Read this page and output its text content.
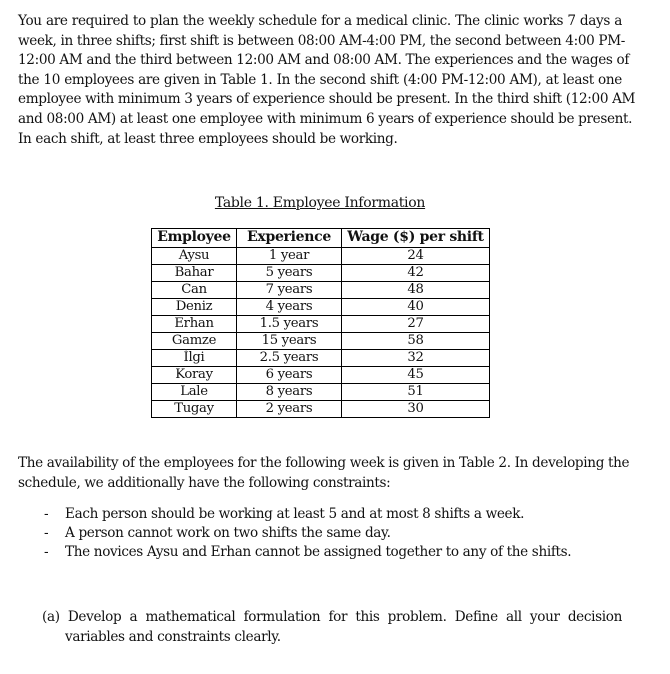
You are required to plan the weekly schedule for a medical clinic. The clinic works 7 days a
week, in three shifts; first shift is between 08:00 AM-4:00 PM, the second between 4:00 PM-
12:00 AM and the third between 12:00 AM and 08:00 AM. The experiences and the wages of
the 10 employees are given in Table 1. In the second shift (4:00 PM-12:00 AM), at least one
employee with minimum 3 years of experience should be present. In the third shift (12:00 AM
and 08:00 AM) at least one employee with minimum 6 years of experience should be present.
In each shift, at least three employees should be working.
Table 1. Employee Information
Employee	Experience	Wage ($) per shift
Aysu	1 year	24
Bahar	5 years	42
Can	7 years	48
Deniz	4 years	40
Erhan	1.5 years	27
Gamze	15 years	58
İlgi	2.5 years	32
Koray	6 years	45
Lale	8 years	51
Tugay	2 years	30
The availability of the employees for the following week is given in Table 2. In developing the
schedule, we additionally have the following constraints:
- Each person should be working at least 5 and at most 8 shifts a week.
- A person cannot work on two shifts the same day.
- The novices Aysu and Erhan cannot be assigned together to any of the shifts.
(a) Develop a mathematical formulation for this problem. Define all your decision
variables and constraints clearly.
